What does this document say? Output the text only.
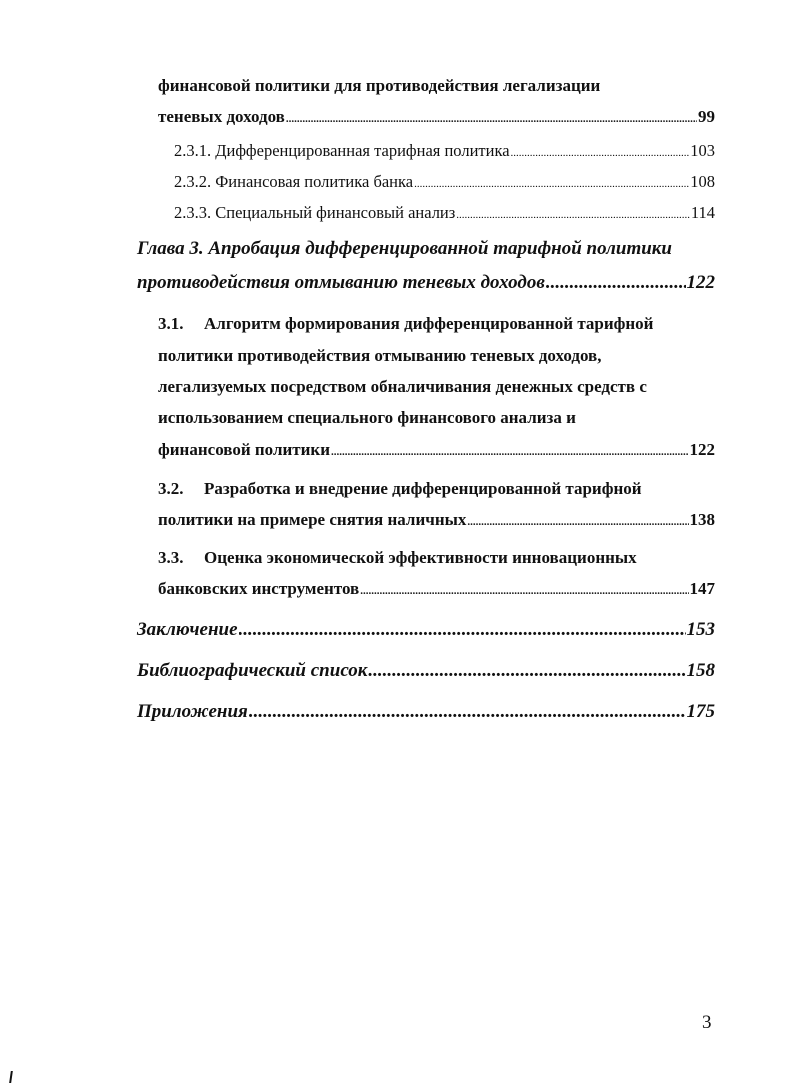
финансовой политики для противодействия легализации
теневых доходов .....	99
2.3.1. Дифференцированная тарифная политика .....	103
2.3.2. Финансовая политика банка .....	108
2.3.3. Специальный финансовый анализ .....	114
Глава 3. Апробация дифференцированной тарифной политики
противодействия отмыванию теневых доходов .....	122
3.1.	Алгоритм формирования дифференцированной тарифной
политики противодействия отмыванию теневых доходов,
легализуемых посредством обналичивания денежных средств с
использованием специального финансового анализа и
финансовой политики .....	122
3.2.	Разработка и внедрение дифференцированной тарифной
политики на примере снятия наличных .....	138
3.3.	Оценка экономической эффективности инновационных
банковских инструментов .....	147
Заключение .....	153
Библиографический список .....	158
Приложения .....	175
3
